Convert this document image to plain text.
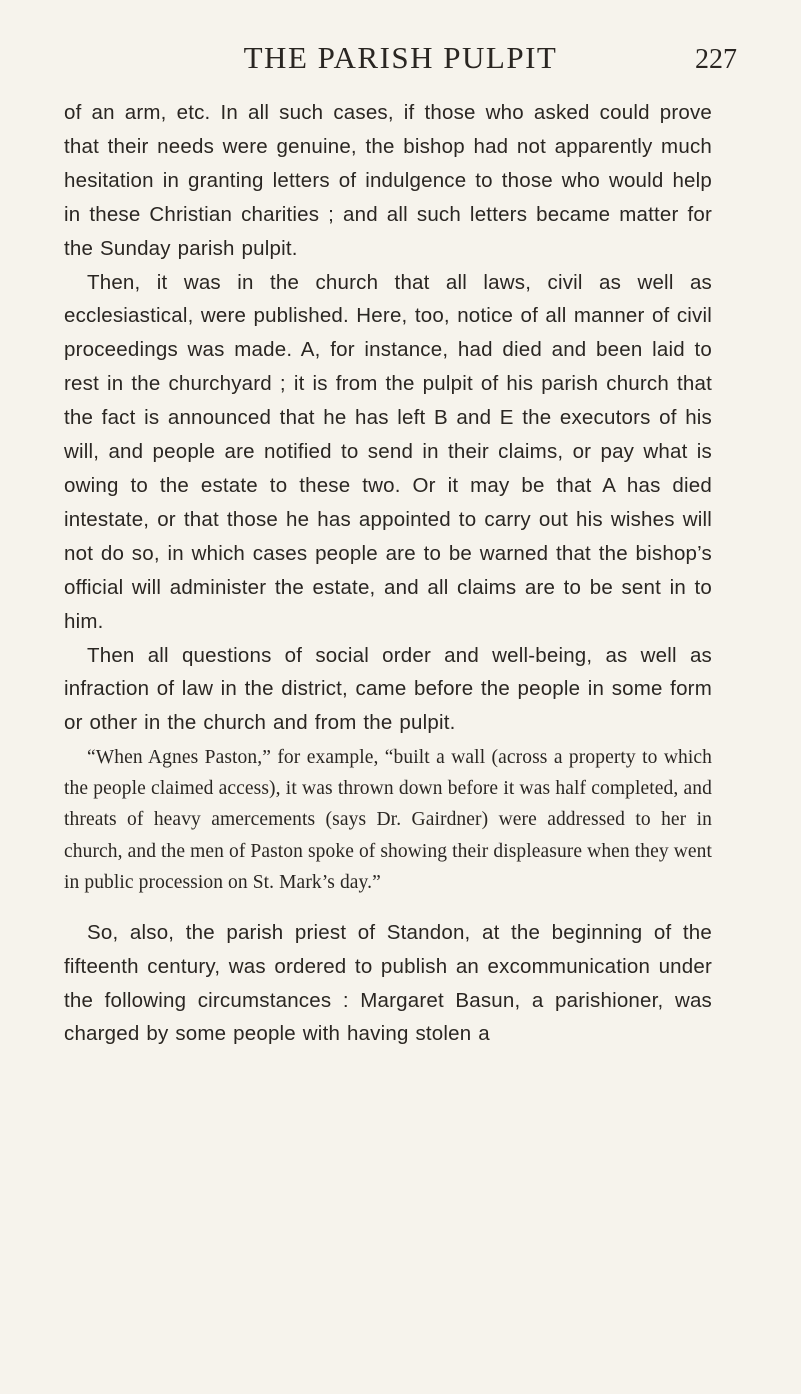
THE PARISH PULPIT	227

of an arm, etc. In all such cases, if those who asked could prove that their needs were genuine, the bishop had not apparently much hesitation in granting letters of indulgence to those who would help in these Christian charities ; and all such letters became matter for the Sunday parish pulpit.

Then, it was in the church that all laws, civil as well as ecclesiastical, were published. Here, too, notice of all manner of civil proceedings was made. A, for instance, had died and been laid to rest in the churchyard ; it is from the pulpit of his parish church that the fact is announced that he has left B and E the executors of his will, and people are notified to send in their claims, or pay what is owing to the estate to these two. Or it may be that A has died intestate, or that those he has appointed to carry out his wishes will not do so, in which cases people are to be warned that the bishop’s official will administer the estate, and all claims are to be sent in to him.

Then all questions of social order and well-being, as well as infraction of law in the district, came before the people in some form or other in the church and from the pulpit.

“When Agnes Paston,” for example, “built a wall (across a property to which the people claimed access), it was thrown down before it was half completed, and threats of heavy amercements (says Dr. Gairdner) were addressed to her in church, and the men of Paston spoke of showing their displeasure when they went in public procession on St. Mark’s day.”

So, also, the parish priest of Standon, at the beginning of the fifteenth century, was ordered to publish an excommunication under the following circumstances : Margaret Basun, a parishioner, was charged by some people with having stolen a
